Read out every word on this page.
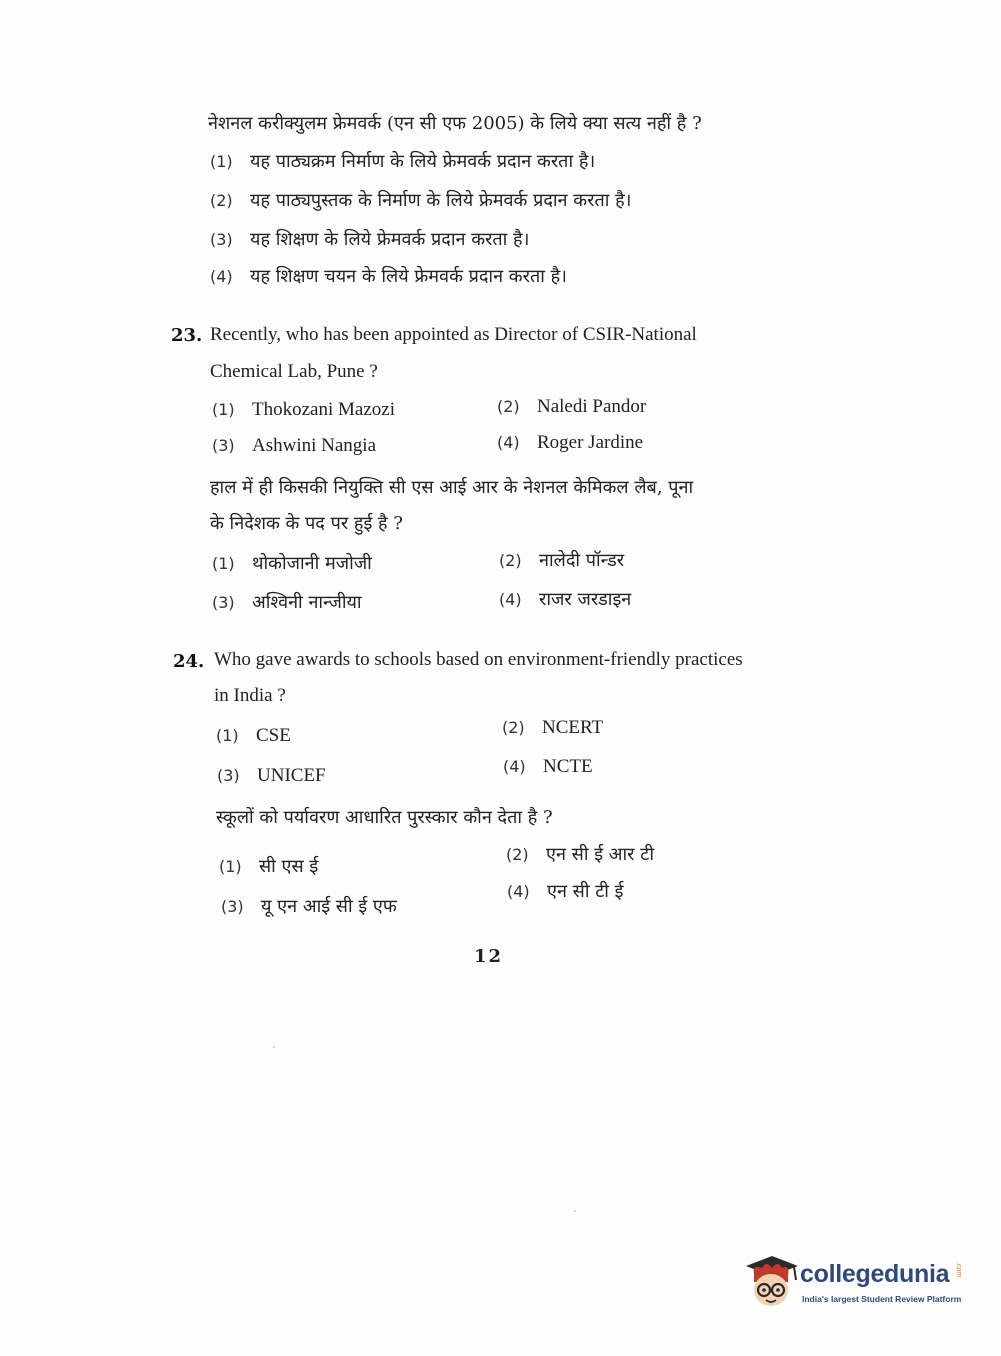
नेशनल करीक्युलम फ्रेमवर्क (एन सी एफ 2005) के लिये क्या सत्य नहीं है ?
(1) यह पाठ्यक्रम निर्माण के लिये फ्रेमवर्क प्रदान करता है।
(2) यह पाठ्यपुस्तक के निर्माण के लिये फ्रेमवर्क प्रदान करता है।
(3) यह शिक्षण के लिये फ्रेमवर्क प्रदान करता है।
(4) यह शिक्षण चयन के लिये फ्रेमवर्क प्रदान करता है।
23. Recently, who has been appointed as Director of CSIR-National
Chemical Lab, Pune ?
(1) Thokozani Mazozi	(2) Naledi Pandor
(3) Ashwini Nangia	(4) Roger Jardine
हाल में ही किसकी नियुक्ति सी एस आई आर के नेशनल केमिकल लैब, पूना
के निदेशक के पद पर हुई है ?
(1) थोकोजानी मजोजी	(2) नालेदी पॉन्डर
(3) अश्विनी नान्जीया	(4) राजर जरडाइन
24. Who gave awards to schools based on environment-friendly practices
in India ?
(1) CSE	(2) NCERT
(3) UNICEF	(4) NCTE
स्कूलों को पर्यावरण आधारित पुरस्कार कौन देता है ?
(1) सी एस ई
(2) एन सी ई आर टी
(3) यू एन आई सी ई एफ
(4) एन सी टी ई
12
collegedunia .com
India's largest Student Review Platform
